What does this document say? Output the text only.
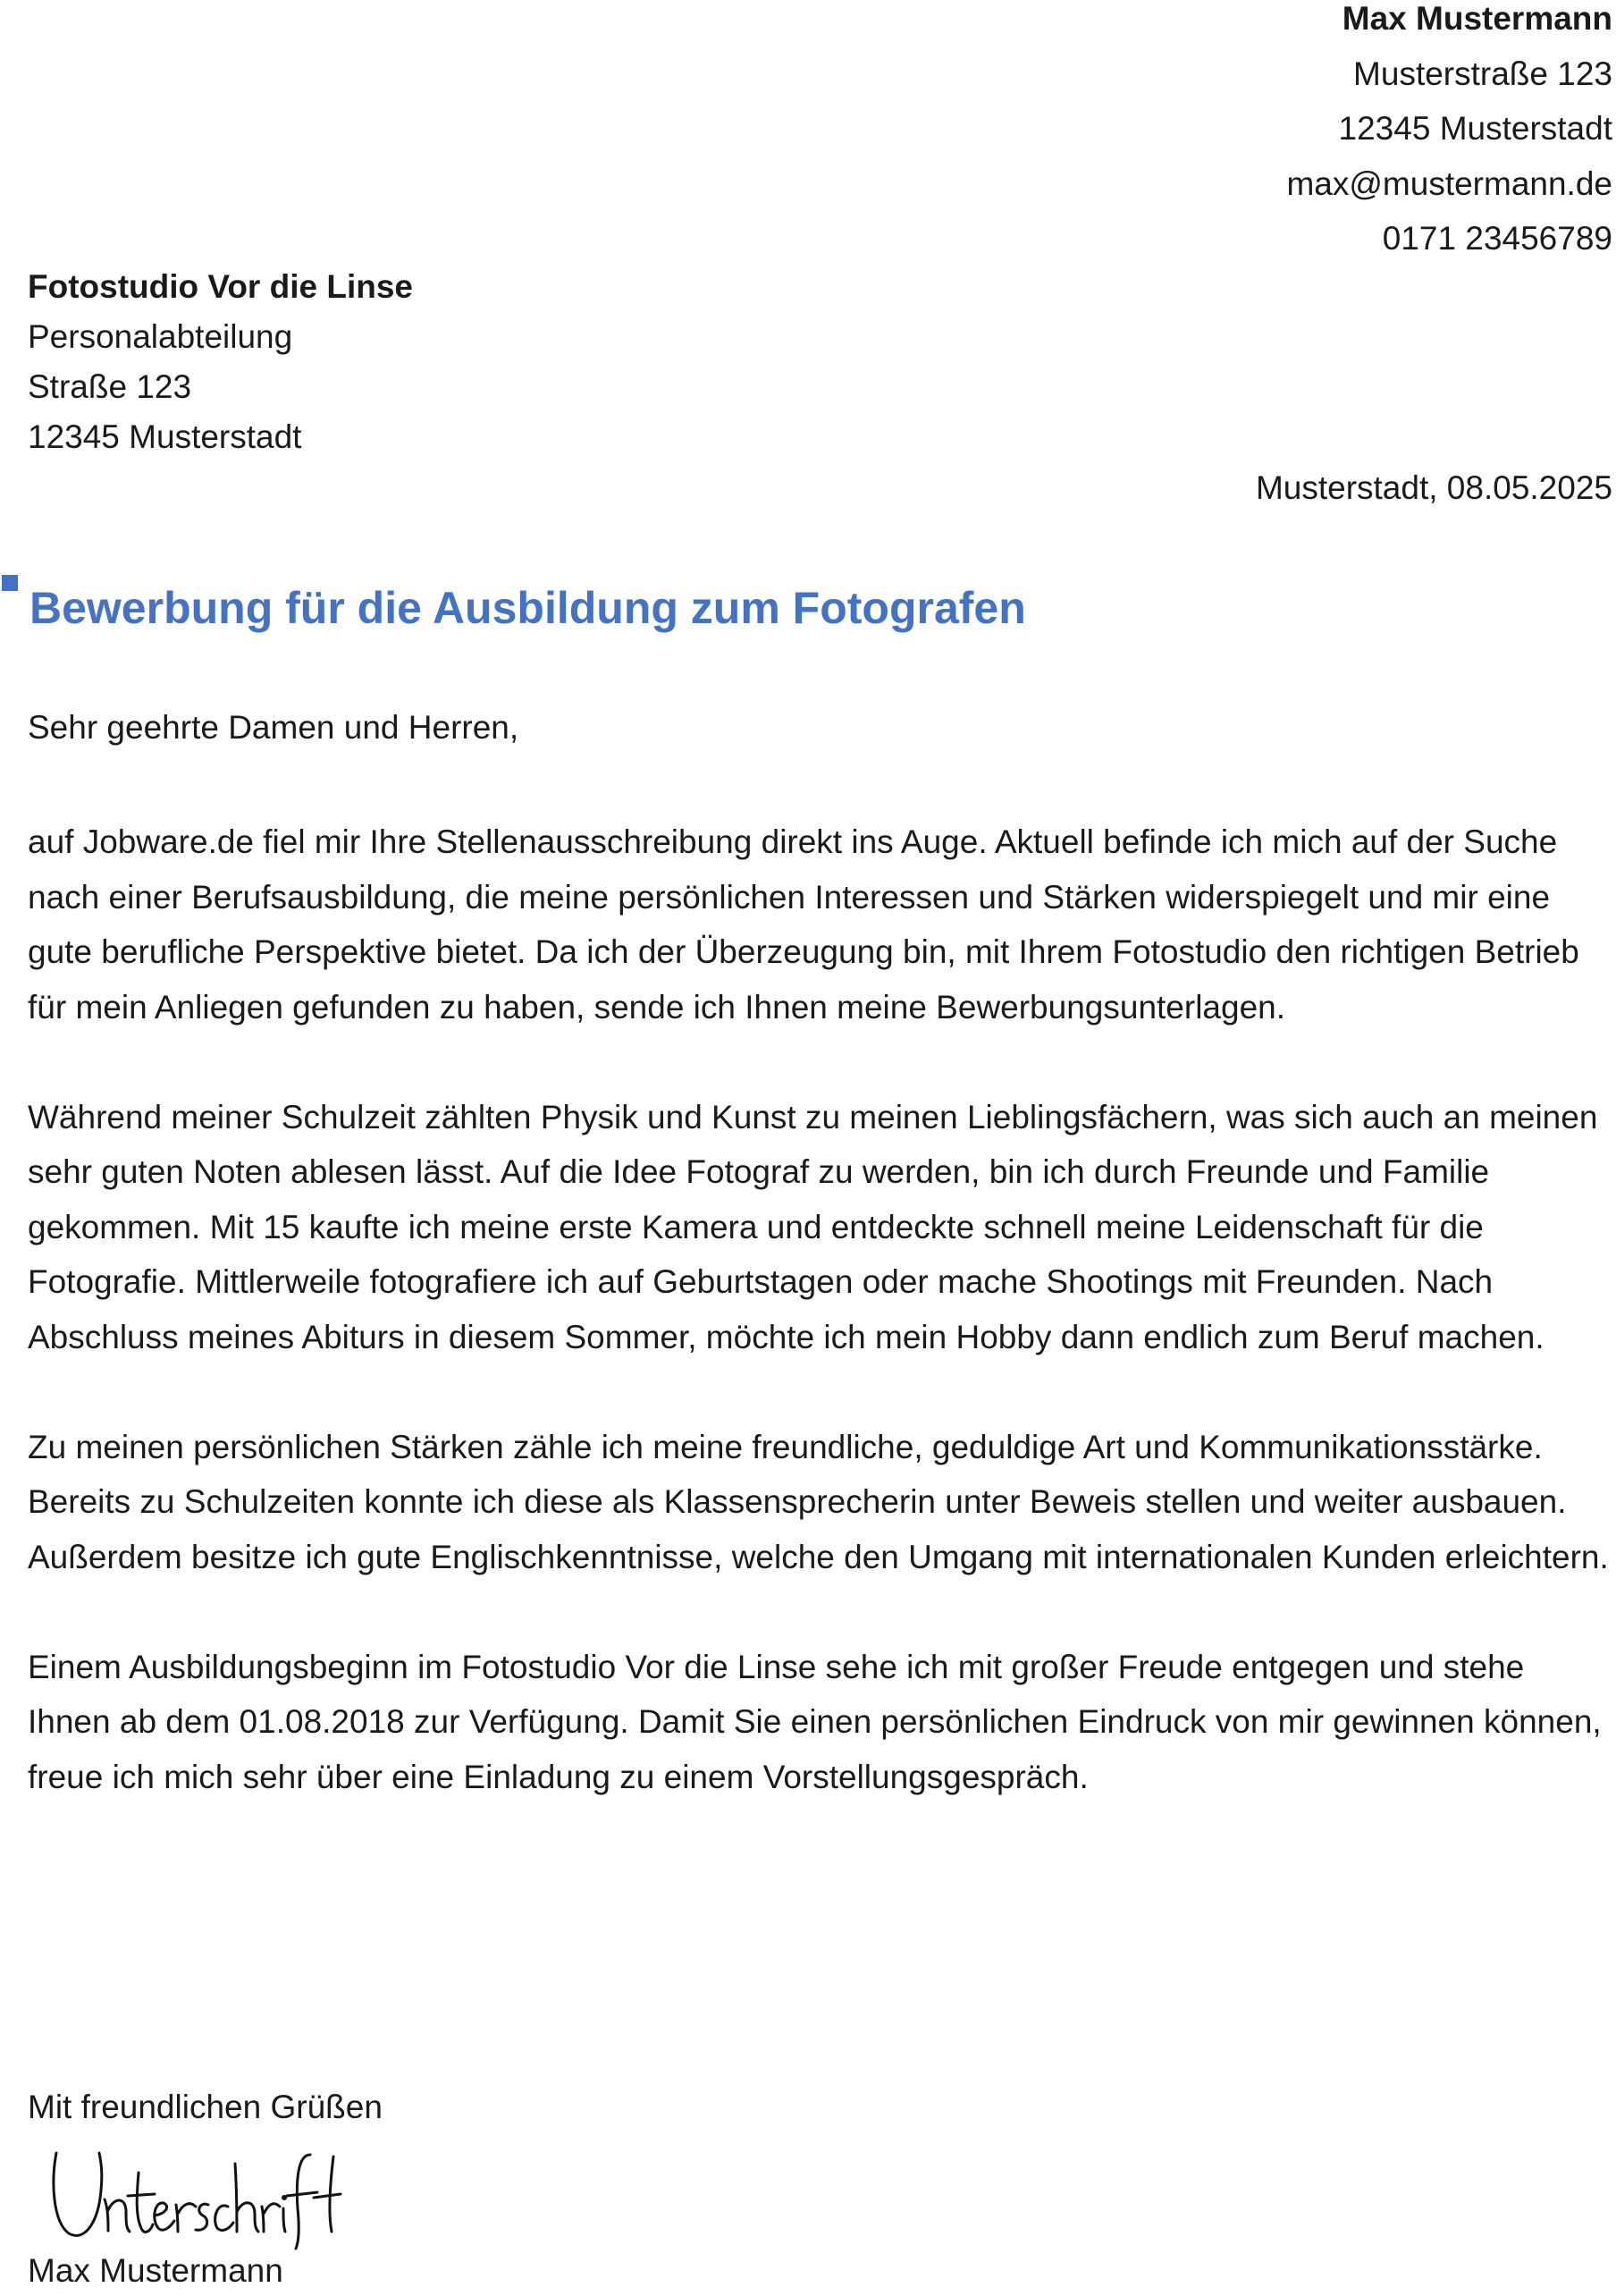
Max Mustermann
Musterstraße 123
12345 Musterstadt
max@mustermann.de
0171 23456789
Fotostudio Vor die Linse
Personalabteilung
Straße 123
12345 Musterstadt
Musterstadt, 08.05.2025
Bewerbung für die Ausbildung zum Fotografen
Sehr geehrte Damen und Herren,

auf Jobware.de fiel mir Ihre Stellenausschreibung direkt ins Auge. Aktuell befinde ich mich auf der Suche nach einer Berufsausbildung, die meine persönlichen Interessen und Stärken widerspiegelt und mir eine gute berufliche Perspektive bietet. Da ich der Überzeugung bin, mit Ihrem Fotostudio den richtigen Betrieb für mein Anliegen gefunden zu haben, sende ich Ihnen meine Bewerbungsunterlagen.

Während meiner Schulzeit zählten Physik und Kunst zu meinen Lieblingsfächern, was sich auch an meinen sehr guten Noten ablesen lässt. Auf die Idee Fotograf zu werden, bin ich durch Freunde und Familie gekommen. Mit 15 kaufte ich meine erste Kamera und entdeckte schnell meine Leidenschaft für die Fotografie. Mittlerweile fotografiere ich auf Geburtstagen oder mache Shootings mit Freunden. Nach Abschluss meines Abiturs in diesem Sommer, möchte ich mein Hobby dann endlich zum Beruf machen.

Zu meinen persönlichen Stärken zähle ich meine freundliche, geduldige Art und Kommunikationsstärke. Bereits zu Schulzeiten konnte ich diese als Klassensprecherin unter Beweis stellen und weiter ausbauen. Außerdem besitze ich gute Englischkenntnisse, welche den Umgang mit internationalen Kunden erleichtern.

Einem Ausbildungsbeginn im Fotostudio Vor die Linse sehe ich mit großer Freude entgegen und stehe Ihnen ab dem 01.08.2018 zur Verfügung. Damit Sie einen persönlichen Eindruck von mir gewinnen können, freue ich mich sehr über eine Einladung zu einem Vorstellungsgespräch.

Mit freundlichen Grüßen
Max Mustermann
